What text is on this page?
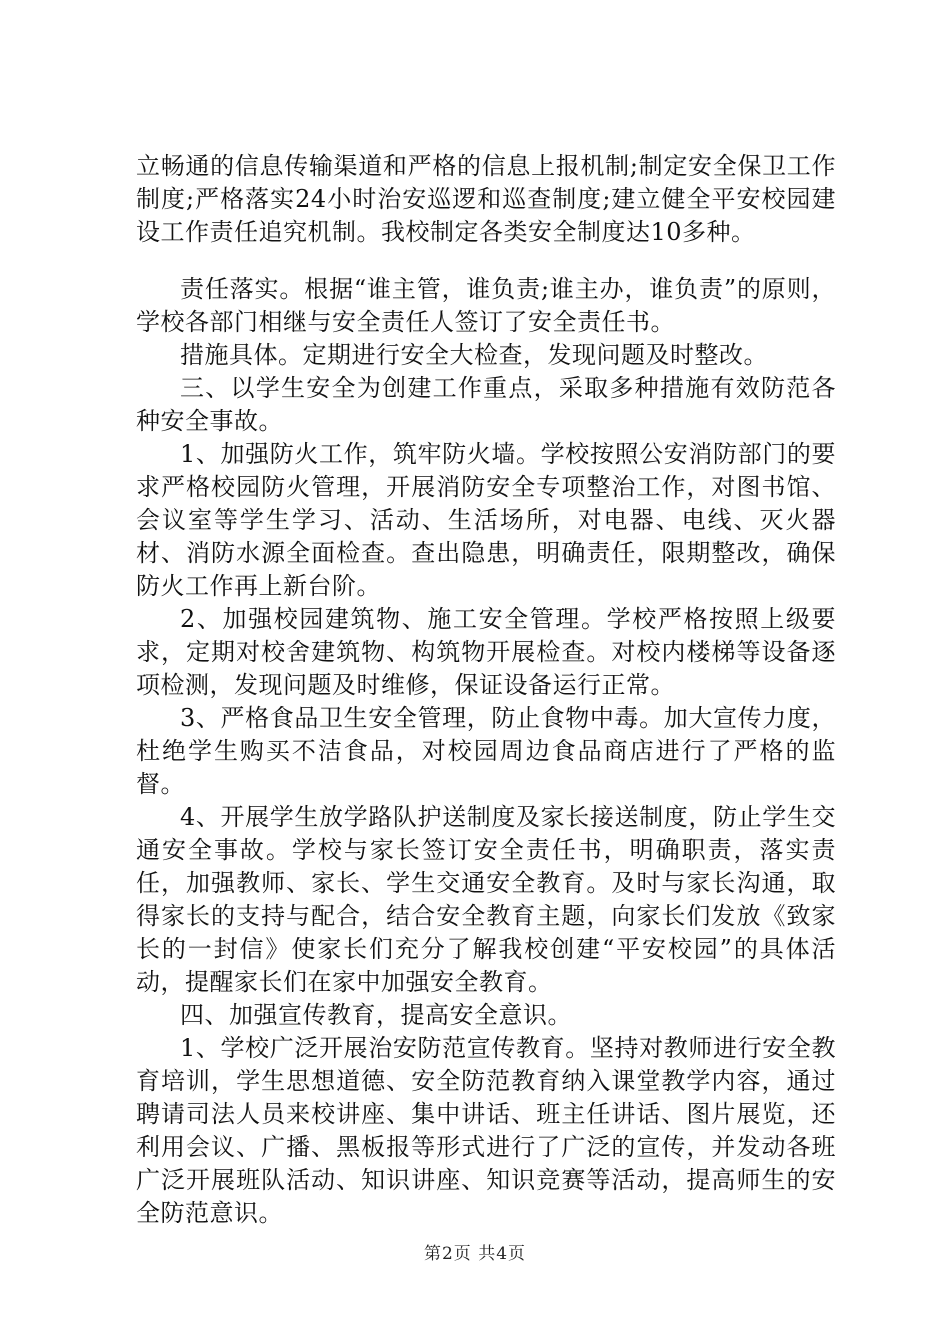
立畅通的信息传输渠道和严格的信息上报机制;制定安全保卫工作制度;严格落实24小时治安巡逻和巡查制度;建立健全平安校园建设工作责任追究机制。我校制定各类安全制度达10多种。

责任落实。根据“谁主管，谁负责;谁主办，谁负责”的原则，学校各部门相继与安全责任人签订了安全责任书。

措施具体。定期进行安全大检查，发现问题及时整改。

三、以学生安全为创建工作重点，采取多种措施有效防范各种安全事故。

1、加强防火工作，筑牢防火墙。学校按照公安消防部门的要求严格校园防火管理，开展消防安全专项整治工作，对图书馆、会议室等学生学习、活动、生活场所，对电器、电线、灭火器材、消防水源全面检查。查出隐患，明确责任，限期整改，确保防火工作再上新台阶。

2、加强校园建筑物、施工安全管理。学校严格按照上级要求，定期对校舍建筑物、构筑物开展检查。对校内楼梯等设备逐项检测，发现问题及时维修，保证设备运行正常。

3、严格食品卫生安全管理，防止食物中毒。加大宣传力度，杜绝学生购买不洁食品，对校园周边食品商店进行了严格的监督。

4、开展学生放学路队护送制度及家长接送制度，防止学生交通安全事故。学校与家长签订安全责任书，明确职责，落实责任，加强教师、家长、学生交通安全教育。及时与家长沟通，取得家长的支持与配合，结合安全教育主题，向家长们发放《致家长的一封信》使家长们充分了解我校创建“平安校园”的具体活动，提醒家长们在家中加强安全教育。

四、加强宣传教育，提高安全意识。

1、学校广泛开展治安防范宣传教育。坚持对教师进行安全教育培训，学生思想道德、安全防范教育纳入课堂教学内容，通过聘请司法人员来校讲座、集中讲话、班主任讲话、图片展览，还利用会议、广播、黑板报等形式进行了广泛的宣传，并发动各班广泛开展班队活动、知识讲座、知识竞赛等活动，提高师生的安全防范意识。

第2页 共4页
